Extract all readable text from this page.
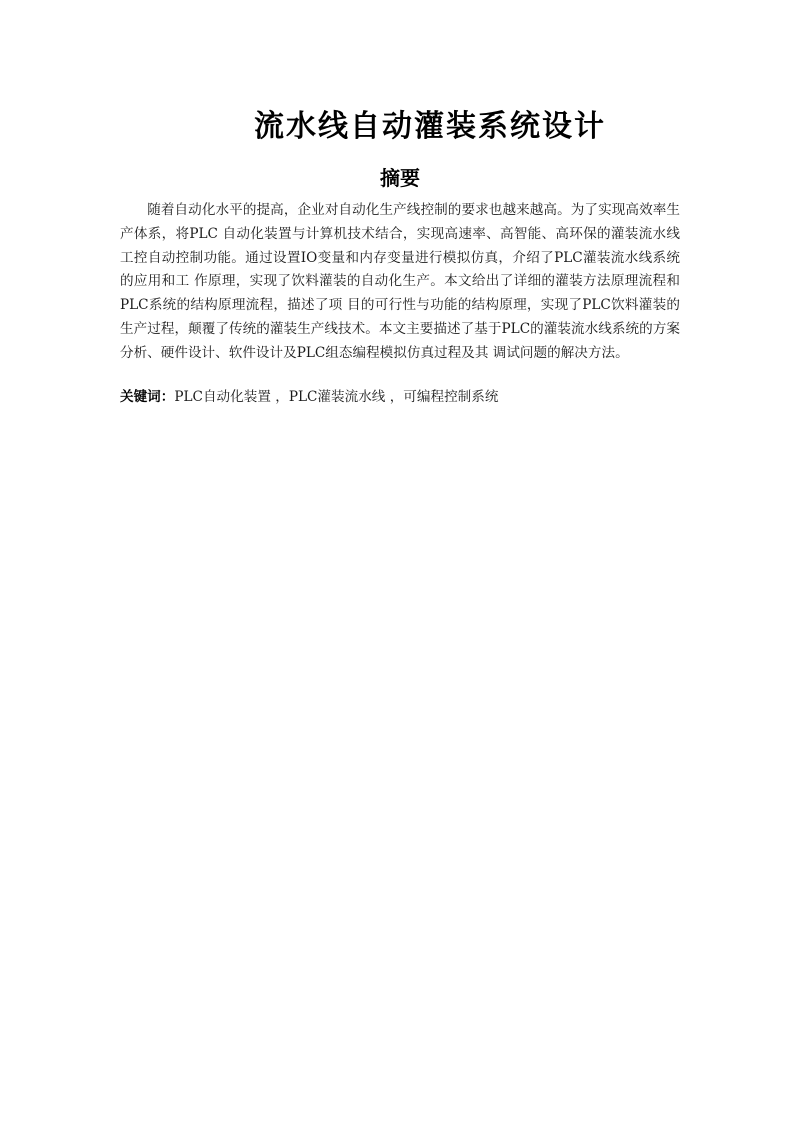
流水线自动灌装系统设计
摘要

随着自动化水平的提高，企业对自动化生产线控制的要求也越来越高。为了实现高效率生产体系，将PLC 自动化装置与计算机技术结合，实现高速率、高智能、高环保的灌装流水线工控自动控制功能。通过设置IO变量和内存变量进行模拟仿真，介绍了PLC灌装流水线系统的应用和工 作原理，实现了饮料灌装的自动化生产。本文给出了详细的灌装方法原理流程和PLC系统的结构原理流程，描述了项 目的可行性与功能的结构原理，实现了PLC饮料灌装的生产过程，颠覆了传统的灌装生产线技术。本文主要描述了基于PLC的灌装流水线系统的方案分析、硬件设计、软件设计及PLC组态编程模拟仿真过程及其 调试问题的解决方法。

关键词：PLC自动化装置 ，PLC灌装流水线 ，可编程控制系统
